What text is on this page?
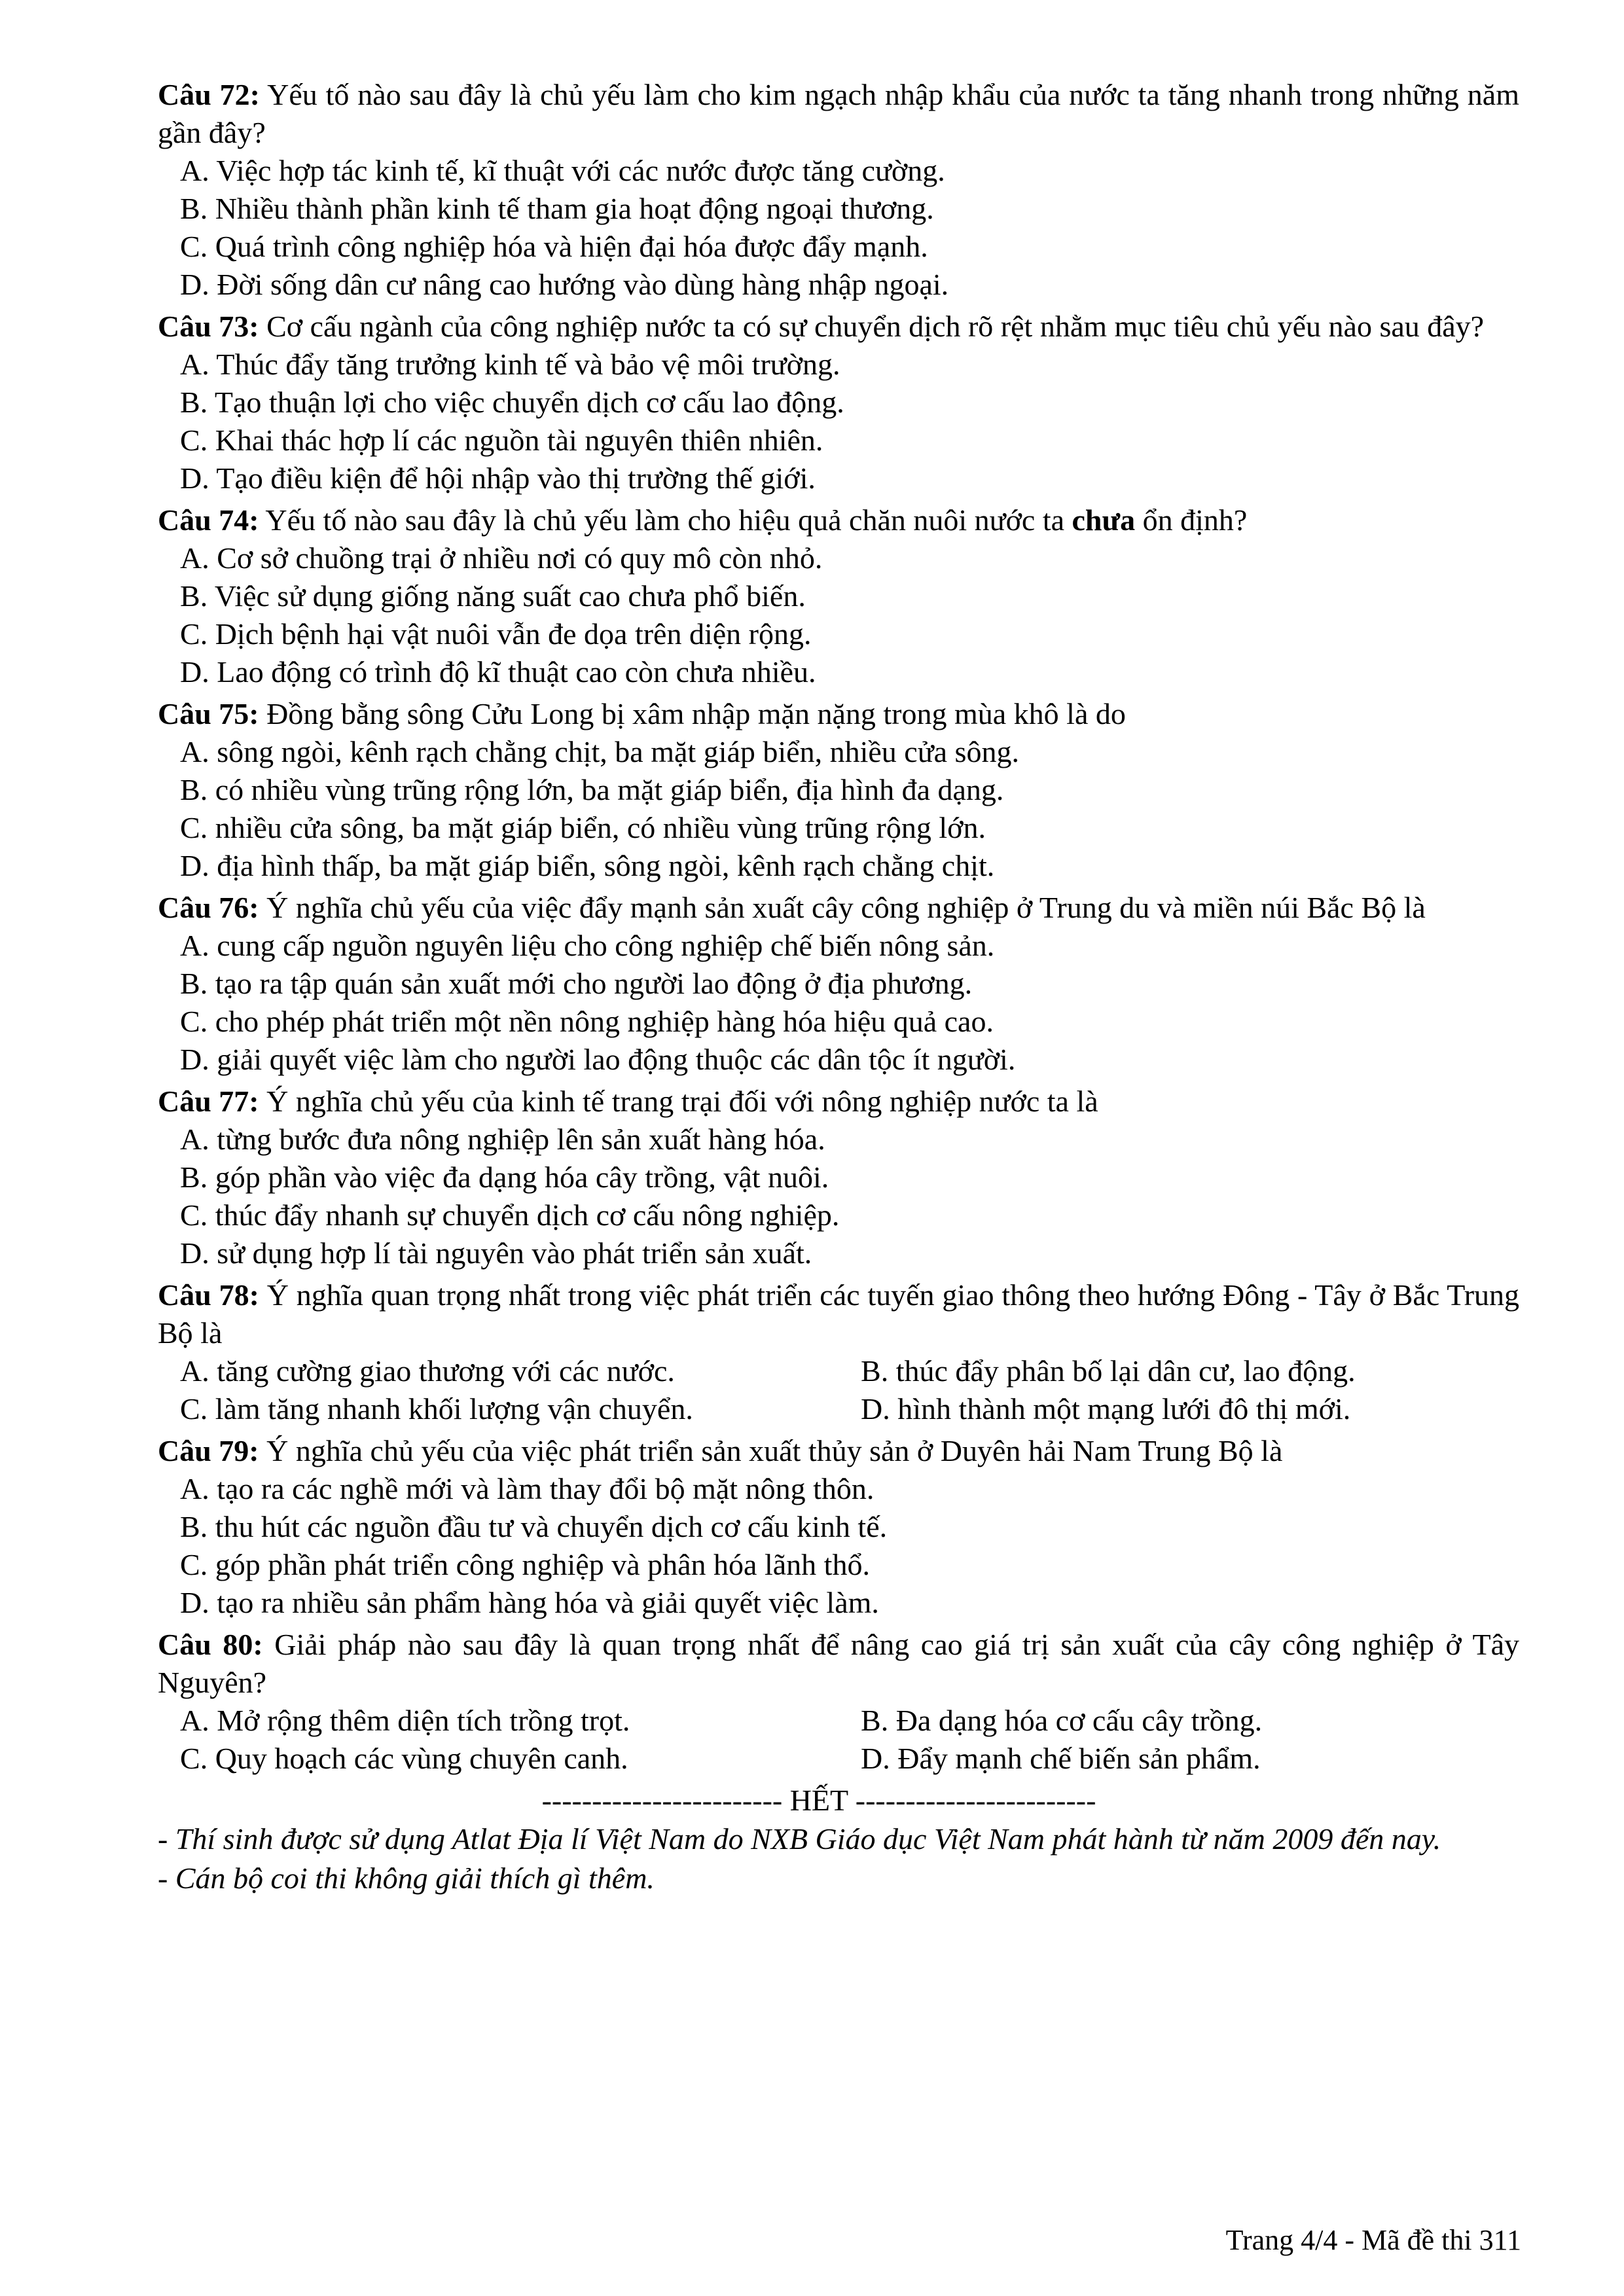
Câu 72: Yếu tố nào sau đây là chủ yếu làm cho kim ngạch nhập khẩu của nước ta tăng nhanh trong những năm gần đây?
A. Việc hợp tác kinh tế, kĩ thuật với các nước được tăng cường.
B. Nhiều thành phần kinh tế tham gia hoạt động ngoại thương.
C. Quá trình công nghiệp hóa và hiện đại hóa được đẩy mạnh.
D. Đời sống dân cư nâng cao hướng vào dùng hàng nhập ngoại.
Câu 73: Cơ cấu ngành của công nghiệp nước ta có sự chuyển dịch rõ rệt nhằm mục tiêu chủ yếu nào sau đây?
A. Thúc đẩy tăng trưởng kinh tế và bảo vệ môi trường.
B. Tạo thuận lợi cho việc chuyển dịch cơ cấu lao động.
C. Khai thác hợp lí các nguồn tài nguyên thiên nhiên.
D. Tạo điều kiện để hội nhập vào thị trường thế giới.
Câu 74: Yếu tố nào sau đây là chủ yếu làm cho hiệu quả chăn nuôi nước ta chưa ổn định?
A. Cơ sở chuồng trại ở nhiều nơi có quy mô còn nhỏ.
B. Việc sử dụng giống năng suất cao chưa phổ biến.
C. Dịch bệnh hại vật nuôi vẫn đe dọa trên diện rộng.
D. Lao động có trình độ kĩ thuật cao còn chưa nhiều.
Câu 75: Đồng bằng sông Cửu Long bị xâm nhập mặn nặng trong mùa khô là do
A. sông ngòi, kênh rạch chằng chịt, ba mặt giáp biển, nhiều cửa sông.
B. có nhiều vùng trũng rộng lớn, ba mặt giáp biển, địa hình đa dạng.
C. nhiều cửa sông, ba mặt giáp biển, có nhiều vùng trũng rộng lớn.
D. địa hình thấp, ba mặt giáp biển, sông ngòi, kênh rạch chằng chịt.
Câu 76: Ý nghĩa chủ yếu của việc đẩy mạnh sản xuất cây công nghiệp ở Trung du và miền núi Bắc Bộ là
A. cung cấp nguồn nguyên liệu cho công nghiệp chế biến nông sản.
B. tạo ra tập quán sản xuất mới cho người lao động ở địa phương.
C. cho phép phát triển một nền nông nghiệp hàng hóa hiệu quả cao.
D. giải quyết việc làm cho người lao động thuộc các dân tộc ít người.
Câu 77: Ý nghĩa chủ yếu của kinh tế trang trại đối với nông nghiệp nước ta là
A. từng bước đưa nông nghiệp lên sản xuất hàng hóa.
B. góp phần vào việc đa dạng hóa cây trồng, vật nuôi.
C. thúc đẩy nhanh sự chuyển dịch cơ cấu nông nghiệp.
D. sử dụng hợp lí tài nguyên vào phát triển sản xuất.
Câu 78: Ý nghĩa quan trọng nhất trong việc phát triển các tuyến giao thông theo hướng Đông - Tây ở Bắc Trung Bộ là
A. tăng cường giao thương với các nước.	B. thúc đẩy phân bố lại dân cư, lao động.
C. làm tăng nhanh khối lượng vận chuyển.	D. hình thành một mạng lưới đô thị mới.
Câu 79: Ý nghĩa chủ yếu của việc phát triển sản xuất thủy sản ở Duyên hải Nam Trung Bộ là
A. tạo ra các nghề mới và làm thay đổi bộ mặt nông thôn.
B. thu hút các nguồn đầu tư và chuyển dịch cơ cấu kinh tế.
C. góp phần phát triển công nghiệp và phân hóa lãnh thổ.
D. tạo ra nhiều sản phẩm hàng hóa và giải quyết việc làm.
Câu 80: Giải pháp nào sau đây là quan trọng nhất để nâng cao giá trị sản xuất của cây công nghiệp ở Tây Nguyên?
A. Mở rộng thêm diện tích trồng trọt.	B. Đa dạng hóa cơ cấu cây trồng.
C. Quy hoạch các vùng chuyên canh.	D. Đẩy mạnh chế biến sản phẩm.
------------------------ HẾT ------------------------
- Thí sinh được sử dụng Atlat Địa lí Việt Nam do NXB Giáo dục Việt Nam phát hành từ năm 2009 đến nay.
- Cán bộ coi thi không giải thích gì thêm.
Trang 4/4 - Mã đề thi 311
